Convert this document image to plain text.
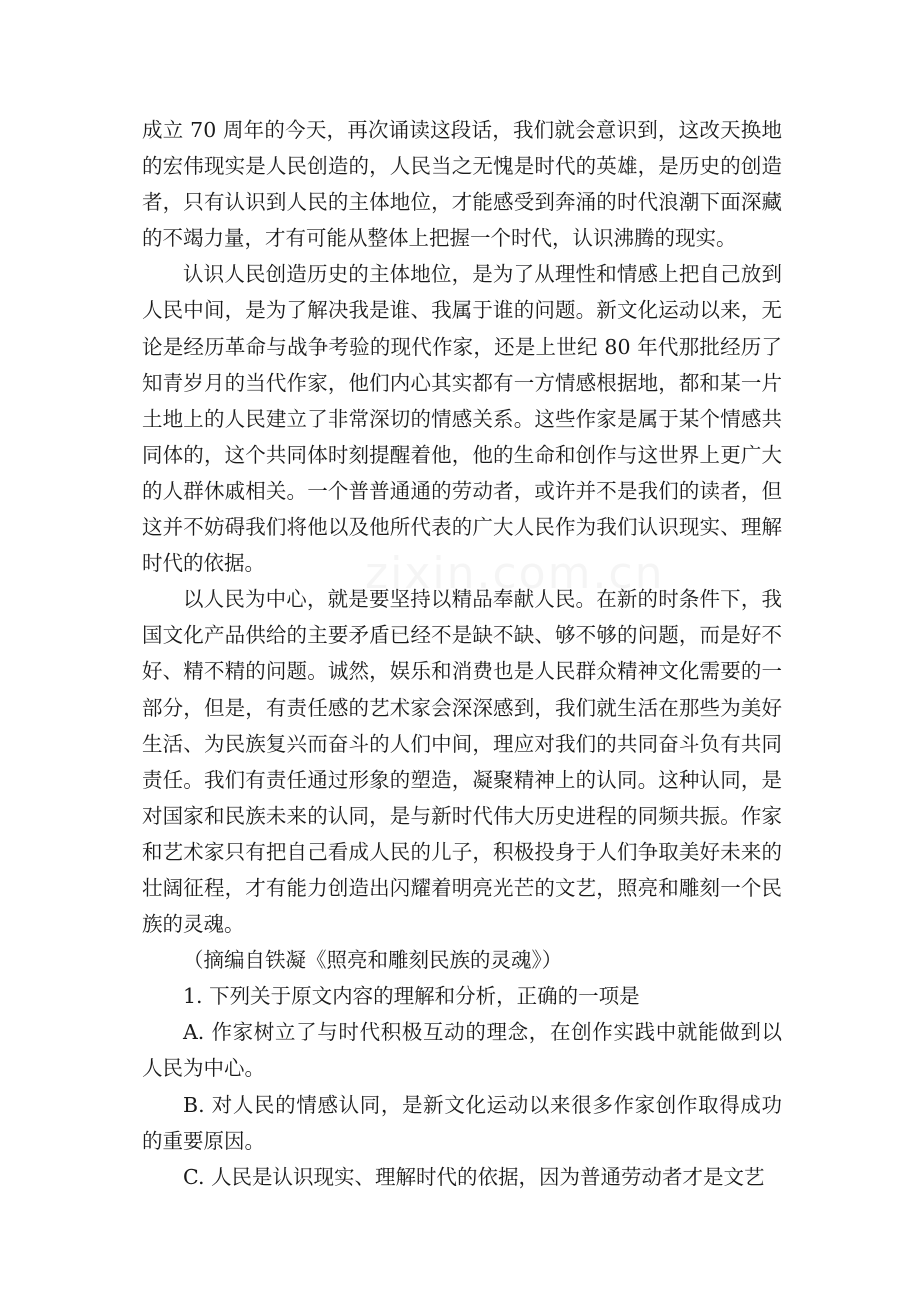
成立 70 周年的今天，再次诵读这段话，我们就会意识到，这改天换地的宏伟现实是人民创造的，人民当之无愧是时代的英雄，是历史的创造者，只有认识到人民的主体地位，才能感受到奔涌的时代浪潮下面深藏的不竭力量，才有可能从整体上把握一个时代，认识沸腾的现实。

认识人民创造历史的主体地位，是为了从理性和情感上把自己放到人民中间，是为了解决我是谁、我属于谁的问题。新文化运动以来，无论是经历革命与战争考验的现代作家，还是上世纪 80 年代那批经历了知青岁月的当代作家，他们内心其实都有一方情感根据地，都和某一片土地上的人民建立了非常深切的情感关系。这些作家是属于某个情感共同体的，这个共同体时刻提醒着他，他的生命和创作与这世界上更广大的人群休戚相关。一个普普通通的劳动者，或许并不是我们的读者，但这并不妨碍我们将他以及他所代表的广大人民作为我们认识现实、理解时代的依据。

以人民为中心，就是要坚持以精品奉献人民。在新的时条件下，我国文化产品供给的主要矛盾已经不是缺不缺、够不够的问题，而是好不好、精不精的问题。诚然，娱乐和消费也是人民群众精神文化需要的一部分，但是，有责任感的艺术家会深深感到，我们就生活在那些为美好生活、为民族复兴而奋斗的人们中间，理应对我们的共同奋斗负有共同责任。我们有责任通过形象的塑造，凝聚精神上的认同。这种认同，是对国家和民族未来的认同，是与新时代伟大历史进程的同频共振。作家和艺术家只有把自己看成人民的儿子，积极投身于人们争取美好未来的壮阔征程，才有能力创造出闪耀着明亮光芒的文艺，照亮和雕刻一个民族的灵魂。

（摘编自铁凝《照亮和雕刻民族的灵魂》）

1. 下列关于原文内容的理解和分析，正确的一项是

A. 作家树立了与时代积极互动的理念，在创作实践中就能做到以人民为中心。

B. 对人民的情感认同，是新文化运动以来很多作家创作取得成功的重要原因。

C. 人民是认识现实、理解时代的依据，因为普通劳动者才是文艺

zixin.com.cn
